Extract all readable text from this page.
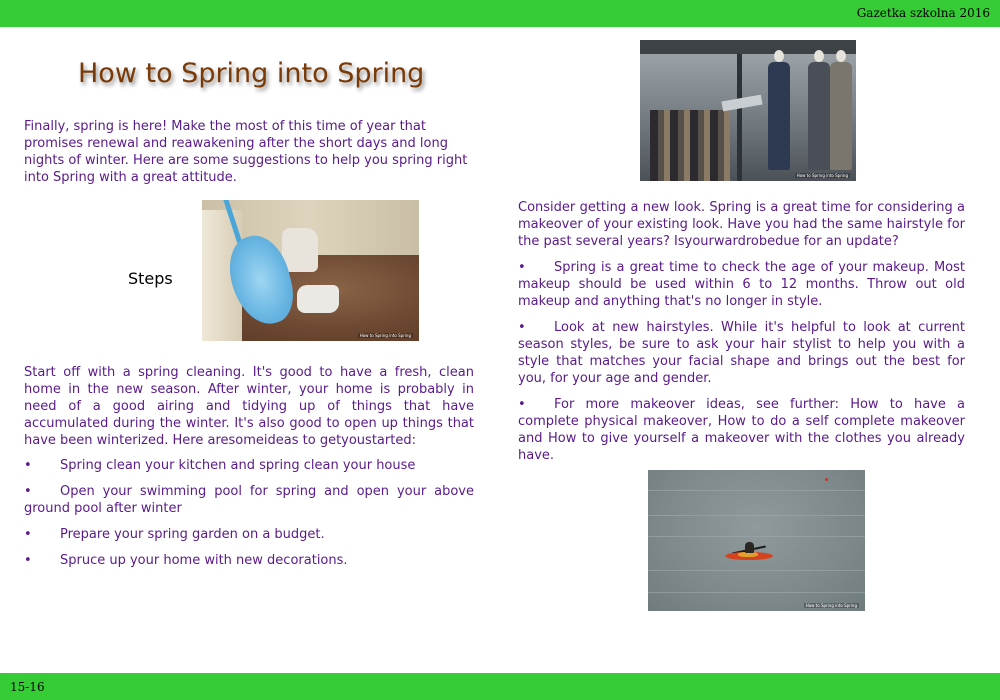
Gazetka szkolna 2016
How to Spring into Spring

Finally, spring is here! Make the most of this time of year that promises renewal and reawakening after the short days and long nights of winter. Here are some suggestions to help you spring right into Spring with a great attitude.

Steps
How to Spring into Spring

Start off with a spring cleaning. It's good to have a fresh, clean home in the new season. After winter, your home is probably in need of a good airing and tidying up of things that have accumulated during the winter. It's also good to open up things that have been winterized. Here aresomeideas to getyoustarted:

• Spring clean your kitchen and spring clean your house
• Open your swimming pool for spring and open your above ground pool after winter
• Prepare your spring garden on a budget.
• Spruce up your home with new decorations.
How to Spring into Spring

Consider getting a new look. Spring is a great time for considering a makeover of your existing look. Have you had the same hairstyle for the past several years? Isyourwardrobedue for an update?

• Spring is a great time to check the age of your makeup. Most makeup should be used within 6 to 12 months. Throw out old makeup and anything that's no longer in style.
• Look at new hairstyles. While it's helpful to look at current season styles, be sure to ask your hair stylist to help you with a style that matches your facial shape and brings out the best for you, for your age and gender.
• For more makeover ideas, see further: How to have a complete physical makeover, How to do a self complete makeover and How to give yourself a makeover with the clothes you already have.
How to Spring into Spring
15-16
